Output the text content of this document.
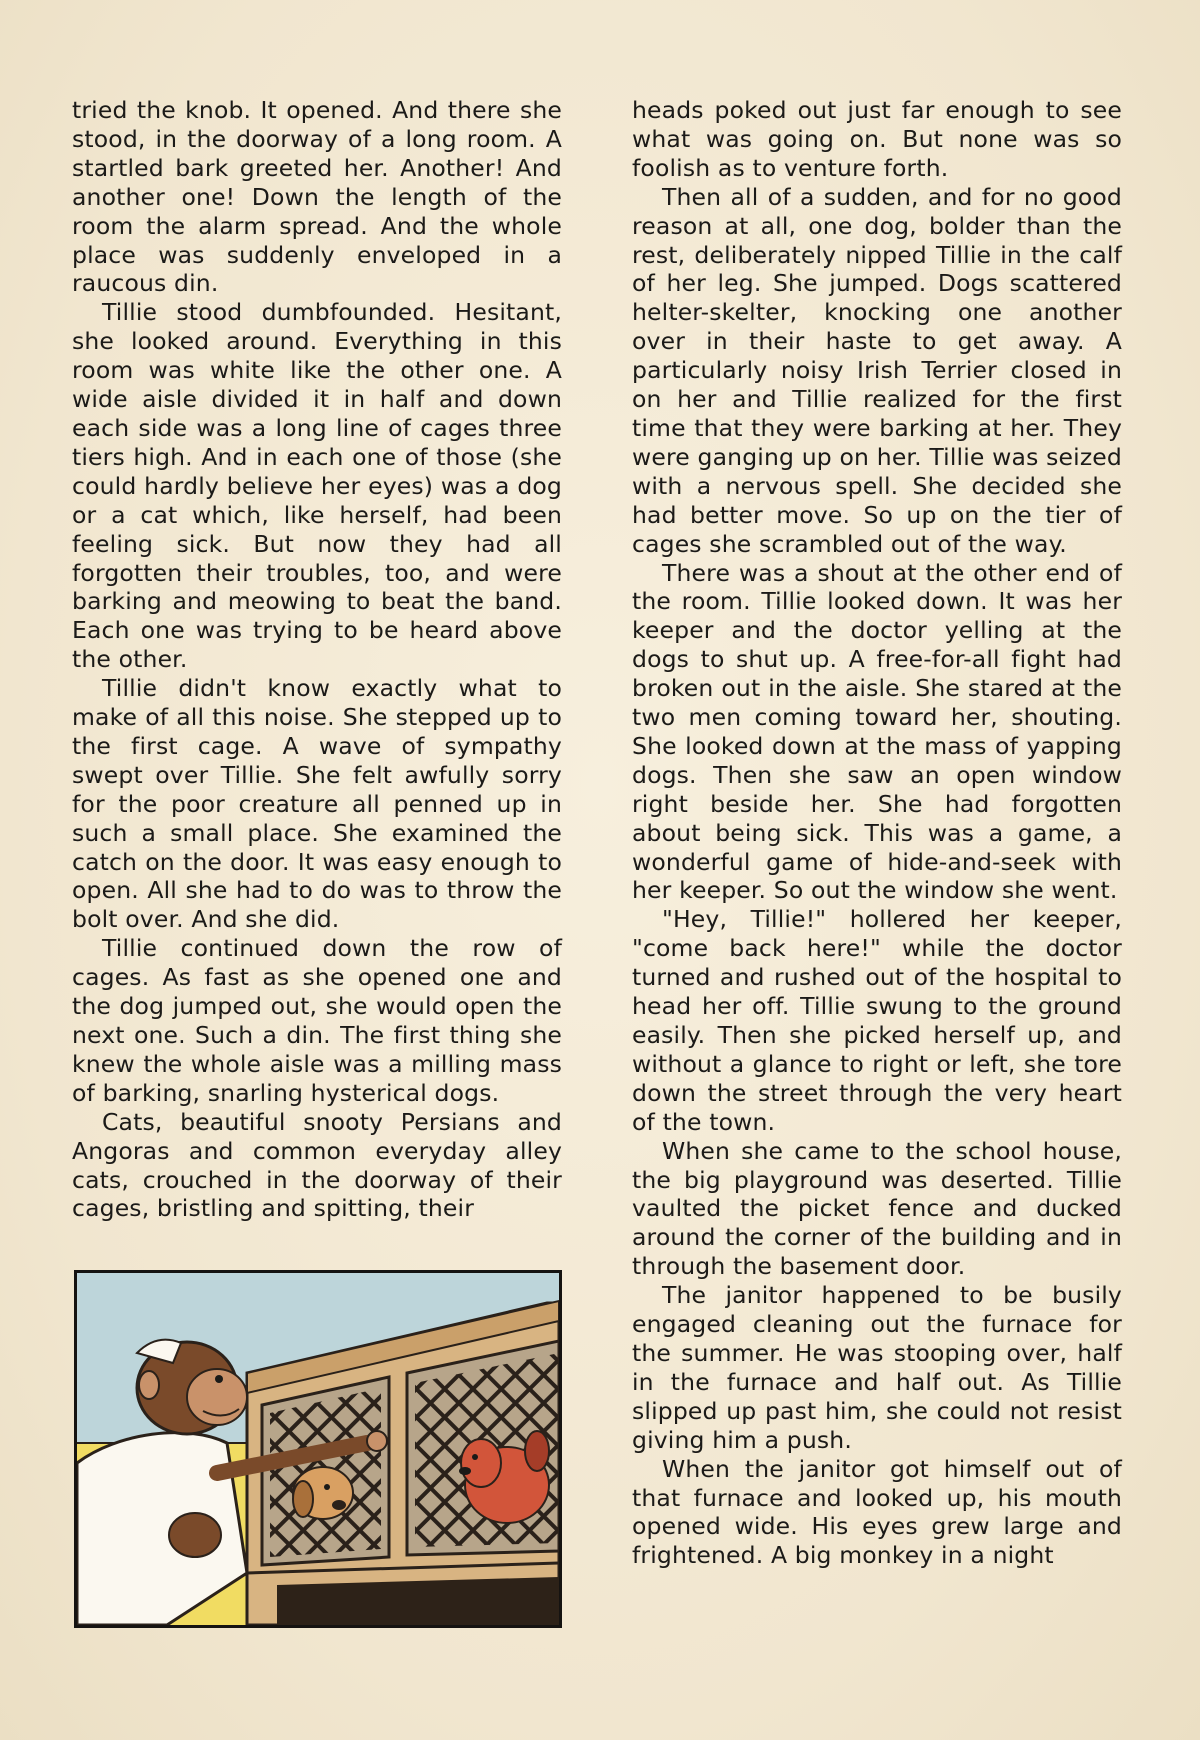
tried the knob. It opened. And there she stood, in the doorway of a long room. A startled bark greeted her. Another! And another one! Down the length of the room the alarm spread. And the whole place was suddenly enveloped in a raucous din.

Tillie stood dumbfounded. Hesitant, she looked around. Everything in this room was white like the other one. A wide aisle divided it in half and down each side was a long line of cages three tiers high. And in each one of those (she could hardly believe her eyes) was a dog or a cat which, like herself, had been feeling sick. But now they had all forgotten their troubles, too, and were barking and meowing to beat the band. Each one was trying to be heard above the other.

Tillie didn't know exactly what to make of all this noise. She stepped up to the first cage. A wave of sympathy swept over Tillie. She felt awfully sorry for the poor creature all penned up in such a small place. She examined the catch on the door. It was easy enough to open. All she had to do was to throw the bolt over. And she did.

Tillie continued down the row of cages. As fast as she opened one and the dog jumped out, she would open the next one. Such a din. The first thing she knew the whole aisle was a milling mass of barking, snarling hysterical dogs.

Cats, beautiful snooty Persians and Angoras and common everyday alley cats, crouched in the doorway of their cages, bristling and spitting, their

heads poked out just far enough to see what was going on. But none was so foolish as to venture forth.

Then all of a sudden, and for no good reason at all, one dog, bolder than the rest, deliberately nipped Tillie in the calf of her leg. She jumped. Dogs scattered helter-skelter, knocking one another over in their haste to get away. A particularly noisy Irish Terrier closed in on her and Tillie realized for the first time that they were barking at her. They were ganging up on her. Tillie was seized with a nervous spell. She decided she had better move. So up on the tier of cages she scrambled out of the way.

There was a shout at the other end of the room. Tillie looked down. It was her keeper and the doctor yelling at the dogs to shut up. A free-for-all fight had broken out in the aisle. She stared at the two men coming toward her, shouting. She looked down at the mass of yapping dogs. Then she saw an open window right beside her. She had forgotten about being sick. This was a game, a wonderful game of hide-and-seek with her keeper. So out the window she went.

"Hey, Tillie!" hollered her keeper, "come back here!" while the doctor turned and rushed out of the hospital to head her off. Tillie swung to the ground easily. Then she picked herself up, and without a glance to right or left, she tore down the street through the very heart of the town.

When she came to the school house, the big playground was deserted. Tillie vaulted the picket fence and ducked around the corner of the building and in through the basement door.

The janitor happened to be busily engaged cleaning out the furnace for the summer. He was stooping over, half in the furnace and half out. As Tillie slipped up past him, she could not resist giving him a push.

When the janitor got himself out of that furnace and looked up, his mouth opened wide. His eyes grew large and frightened. A big monkey in a night
